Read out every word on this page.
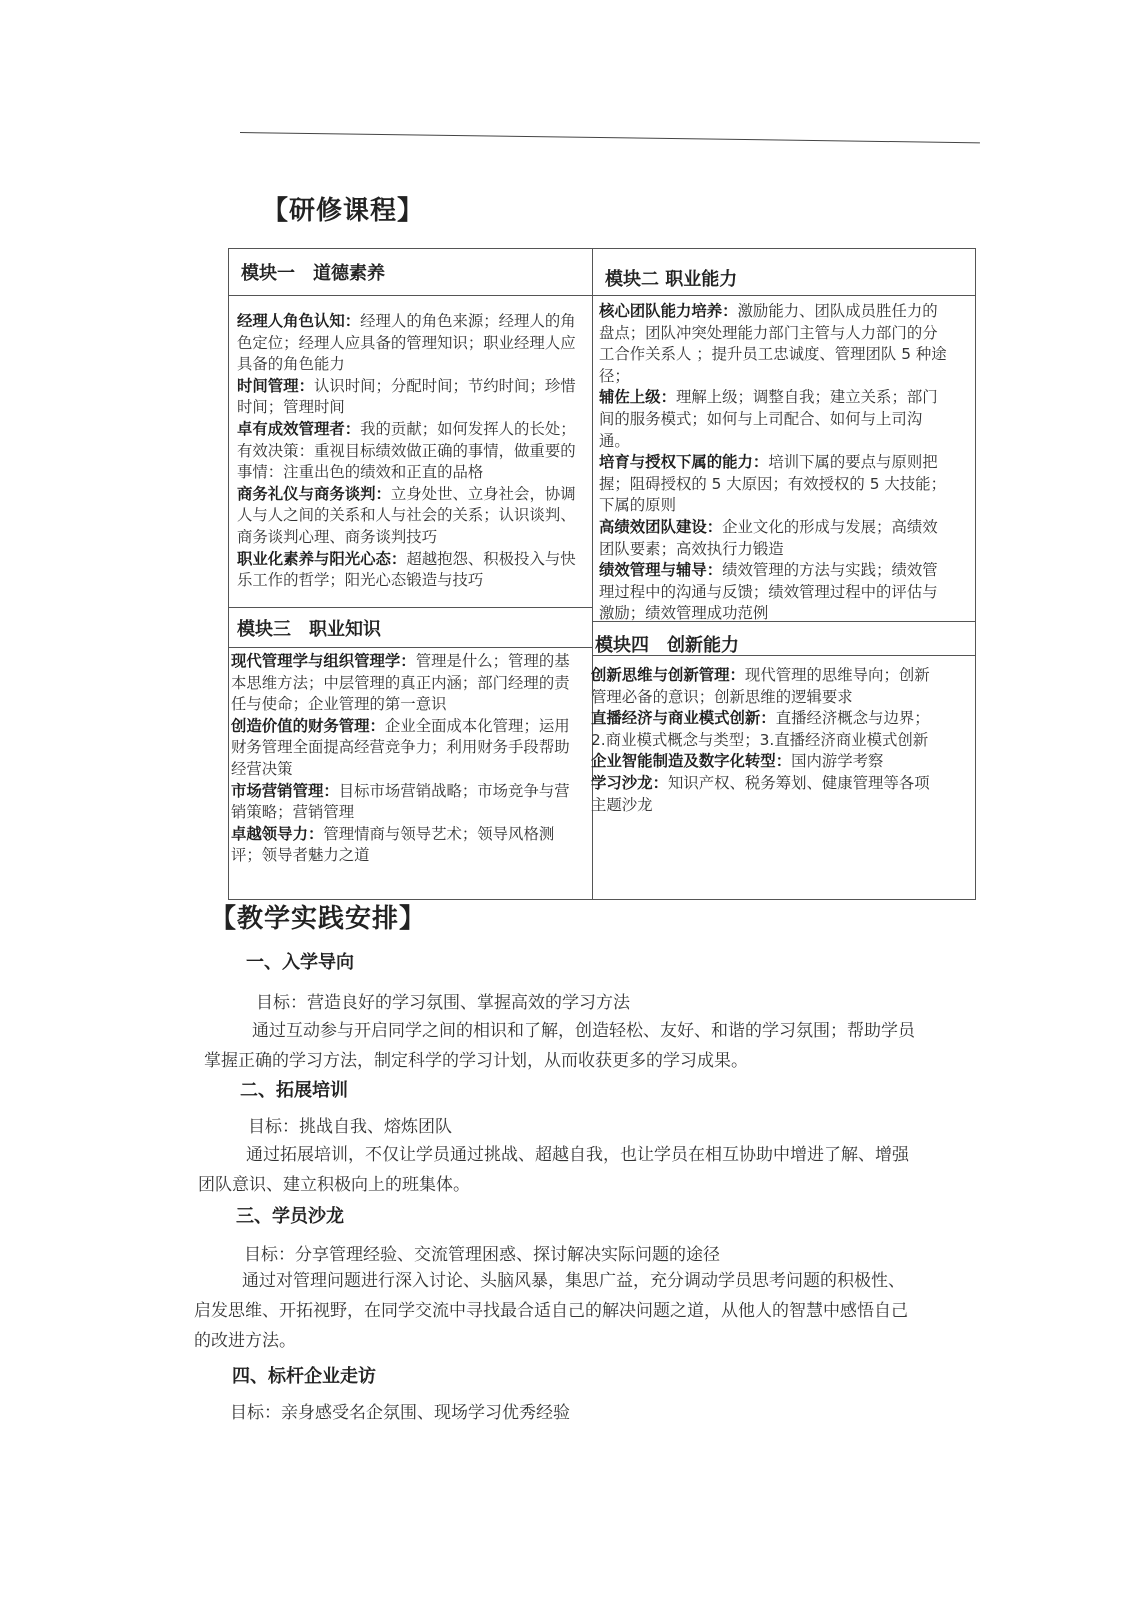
【研修课程】
模块一　道德素养

经理人角色认知：经理人的角色来源；经理人的角色定位；经理人应具备的管理知识；职业经理人应具备的角色能力

时间管理：认识时间；分配时间；节约时间；珍惜时间；管理时间

卓有成效管理者：我的贡献；如何发挥人的长处；有效决策：重视目标绩效做正确的事情，做重要的事情：注重出色的绩效和正直的品格

商务礼仪与商务谈判：立身处世、立身社会，协调人与人之间的关系和人与社会的关系；认识谈判、商务谈判心理、商务谈判技巧

职业化素养与阳光心态：超越抱怨、积极投入与快乐工作的哲学；阳光心态锻造与技巧

模块二 职业能力

核心团队能力培养：激励能力、团队成员胜任力的盘点；团队冲突处理能力部门主管与人力部门的分工合作关系人 ；提升员工忠诚度、管理团队 5 种途径；

辅佐上级：理解上级；调整自我；建立关系；部门间的服务模式；如何与上司配合、如何与上司沟通。

培育与授权下属的能力：培训下属的要点与原则把握；阻碍授权的 5 大原因；有效授权的 5 大技能；下属的原则

高绩效团队建设：企业文化的形成与发展；高绩效团队要素；高效执行力锻造

绩效管理与辅导：绩效管理的方法与实践；绩效管理过程中的沟通与反馈；绩效管理过程中的评估与激励；绩效管理成功范例

模块三　职业知识

现代管理学与组织管理学：管理是什么；管理的基本思维方法；中层管理的真正内涵；部门经理的责任与使命；企业管理的第一意识

创造价值的财务管理：企业全面成本化管理；运用财务管理全面提高经营竞争力；利用财务手段帮助经营决策

市场营销管理：目标市场营销战略；市场竞争与营销策略；营销管理

卓越领导力：管理情商与领导艺术；领导风格测评；领导者魅力之道

模块四　创新能力

创新思维与创新管理：现代管理的思维导向；创新管理必备的意识；创新思维的逻辑要求

直播经济与商业模式创新：直播经济概念与边界；2.商业模式概念与类型；3.直播经济商业模式创新

企业智能制造及数字化转型：国内游学考察

学习沙龙：知识产权、税务筹划、健康管理等各项主题沙龙

【教学实践安排】
一、入学导向

目标：营造良好的学习氛围、掌握高效的学习方法

通过互动参与开启同学之间的相识和了解，创造轻松、友好、和谐的学习氛围；帮助学员掌握正确的学习方法，制定科学的学习计划，从而收获更多的学习成果。

二、拓展培训

目标：挑战自我、熔炼团队

通过拓展培训，不仅让学员通过挑战、超越自我，也让学员在相互协助中增进了解、增强团队意识、建立积极向上的班集体。

三、学员沙龙

目标：分享管理经验、交流管理困惑、探讨解决实际问题的途径

通过对管理问题进行深入讨论、头脑风暴，集思广益，充分调动学员思考问题的积极性、启发思维、开拓视野，在同学交流中寻找最合适自己的解决问题之道，从他人的智慧中感悟自己的改进方法。

四、标杆企业走访

目标：亲身感受名企氛围、现场学习优秀经验
